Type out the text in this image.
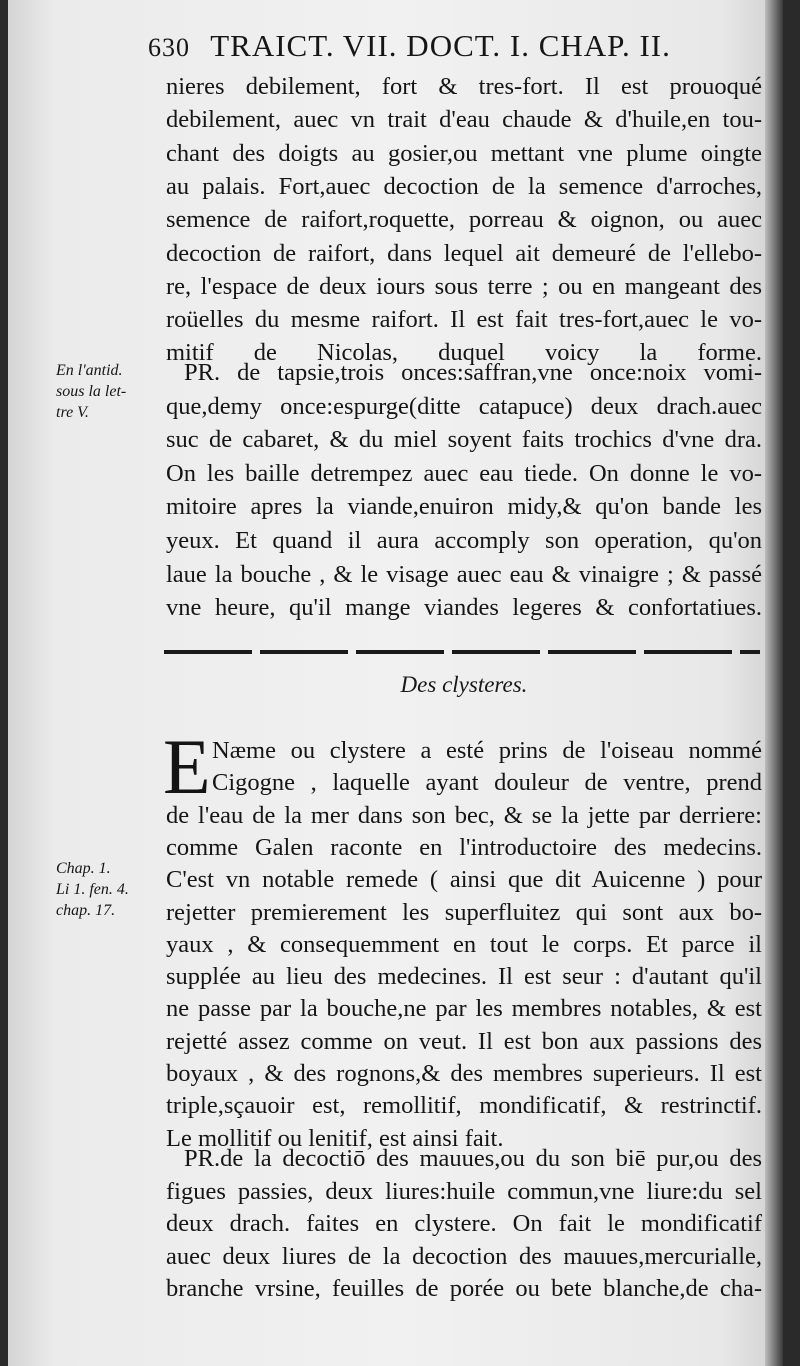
630 TRAICT. VII. DOCT. I. CHAP. II.
nieres debilement, fort & tres-fort. Il est prouoqué
debilement, auec vn trait d'eau chaude & d'huile,en tou-
chant des doigts au gosier,ou mettant vne plume oingte
au palais. Fort,auec decoction de la semence d'arroches,
semence de raifort,roquette, porreau & oignon, ou auec
decoction de raifort, dans lequel ait demeuré de l'ellebo-
re, l'espace de deux iours sous terre ; ou en mangeant des
roüelles du mesme raifort. Il est fait tres-fort,auec le vo-
mitif de Nicolas, duquel voicy la forme.
PR. de tapsie,trois onces:saffran,vne once:noix vomi-
que,demy once:espurge(ditte catapuce) deux drach.auec
suc de cabaret, & du miel soyent faits trochics d'vne dra.
On les baille detrempez auec eau tiede. On donne le vo-
mitoire apres la viande,enuiron midy,& qu'on bande les
yeux. Et quand il aura accomply son operation, qu'on
laue la bouche , & le visage auec eau & vinaigre ; & passé
vne heure, qu'il mange viandes legeres & confortatiues.
En l'antid.
sous la let-
tre V.
Des clysteres.
E Næme ou clystere a esté prins de l'oiseau nommé
Cigogne , laquelle ayant douleur de ventre, prend
de l'eau de la mer dans son bec, & se la jette par derriere:
comme Galen raconte en l'introductoire des medecins.
C'est vn notable remede ( ainsi que dit Auicenne ) pour
rejetter premierement les superfluitez qui sont aux bo-
yaux , & consequemment en tout le corps. Et parce il
supplée au lieu des medecines. Il est seur : d'autant qu'il
ne passe par la bouche,ne par les membres notables, & est
rejetté assez comme on veut. Il est bon aux passions des
boyaux , & des rognons,& des membres superieurs. Il est
triple,sçauoir est, remollitif, mondificatif, & restrinctif.
Le mollitif ou lenitif, est ainsi fait.
Chap. 1.
Li 1. fen. 4.
chap. 17.
PR.de la decoctiō des mauues,ou du son biē pur,ou des
figues passies, deux liures:huile commun,vne liure:du sel
deux drach. faites en clystere. On fait le mondificatif
auec deux liures de la decoction des mauues,mercurialle,
branche vrsine, feuilles de porée ou bete blanche,de cha-
